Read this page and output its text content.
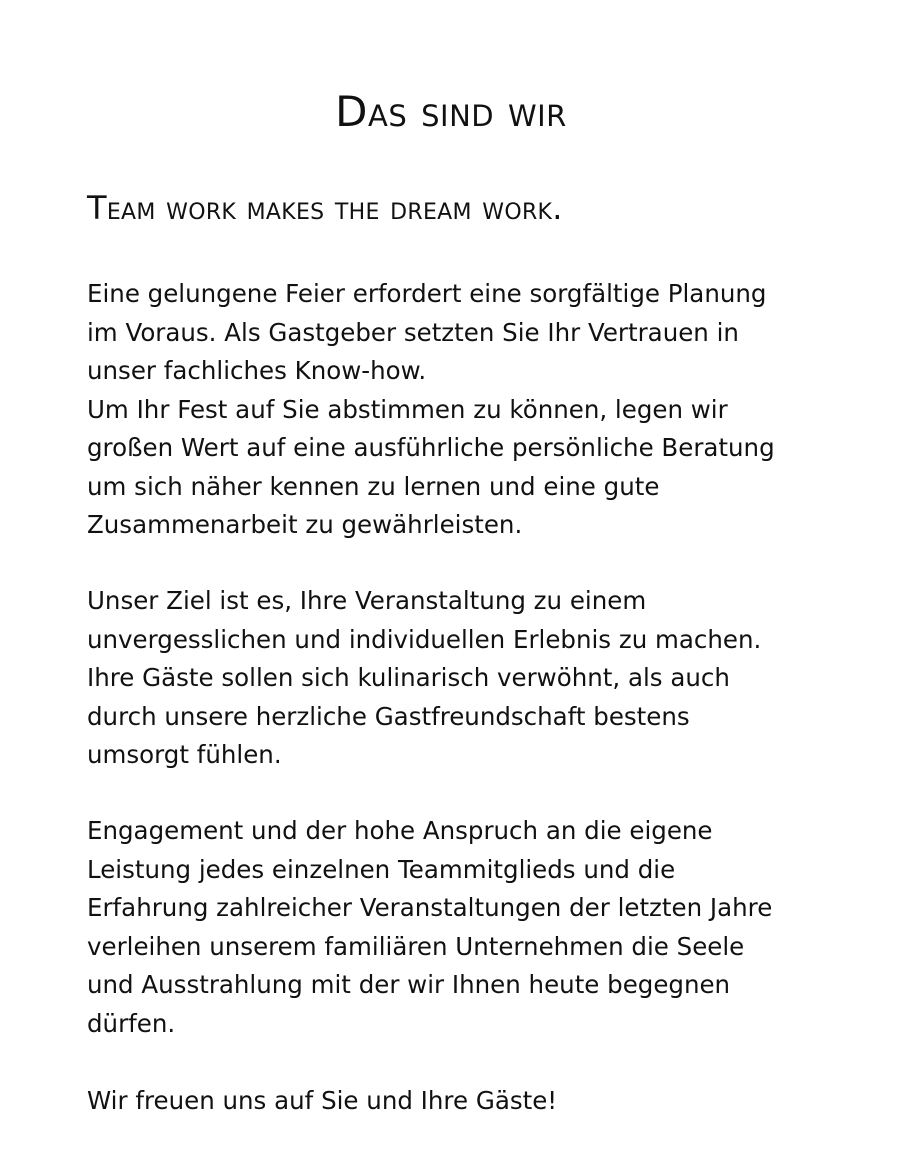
Das sind wir
Team work makes the dream work.

Eine gelungene Feier erfordert eine sorgfältige Planung
im Voraus. Als Gastgeber setzten Sie Ihr Vertrauen in
unser fachliches Know-how.
Um Ihr Fest auf Sie abstimmen zu können, legen wir
großen Wert auf eine ausführliche persönliche Beratung
um sich näher kennen zu lernen und eine gute
Zusammenarbeit zu gewährleisten.

Unser Ziel ist es, Ihre Veranstaltung zu einem
unvergesslichen und individuellen Erlebnis zu machen.
Ihre Gäste sollen sich kulinarisch verwöhnt, als auch
durch unsere herzliche Gastfreundschaft bestens
umsorgt fühlen.

Engagement und der hohe Anspruch an die eigene
Leistung jedes einzelnen Teammitglieds und die
Erfahrung zahlreicher Veranstaltungen der letzten Jahre
verleihen unserem familiären Unternehmen die Seele
und Ausstrahlung mit der wir Ihnen heute begegnen
dürfen.

Wir freuen uns auf Sie und Ihre Gäste!
